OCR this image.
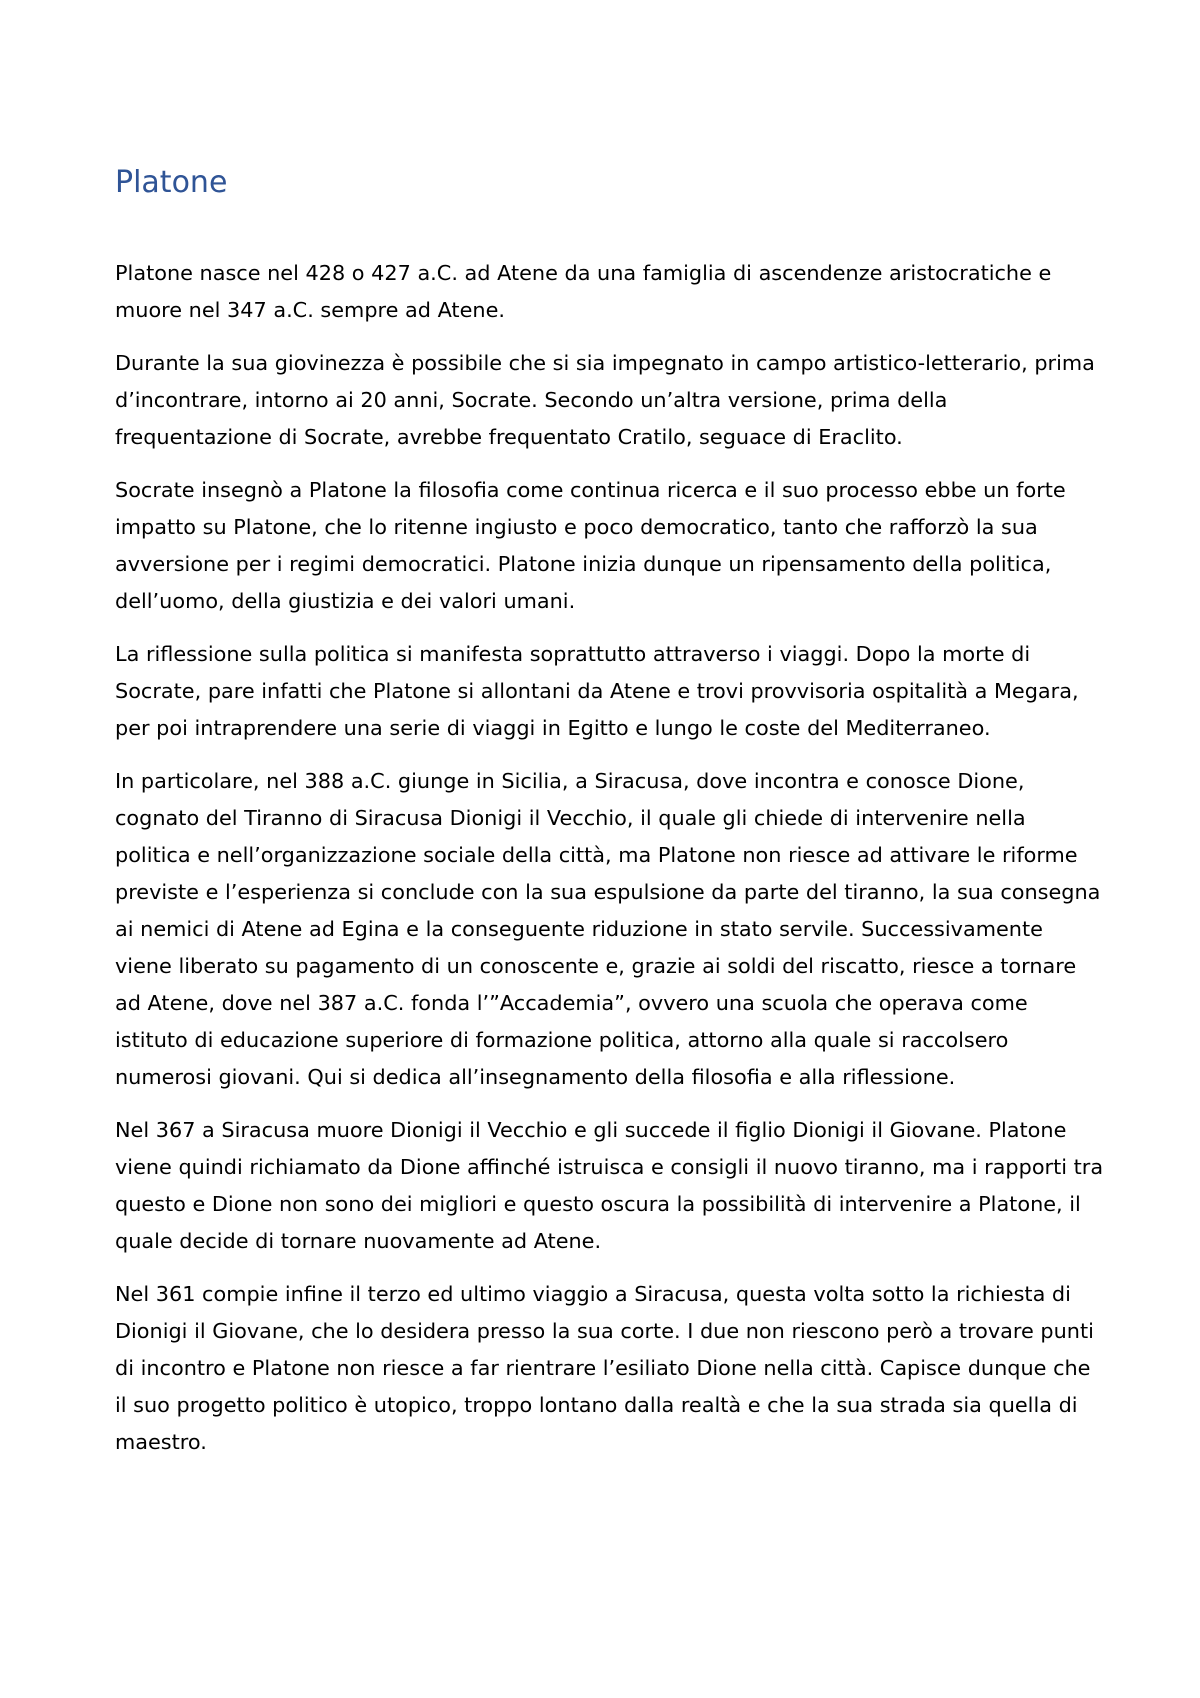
Platone

Platone nasce nel 428 o 427 a.C. ad Atene da una famiglia di ascendenze aristocratiche e muore nel 347 a.C. sempre ad Atene.

Durante la sua giovinezza è possibile che si sia impegnato in campo artistico-letterario, prima d’incontrare, intorno ai 20 anni, Socrate. Secondo un’altra versione, prima della frequentazione di Socrate, avrebbe frequentato Cratilo, seguace di Eraclito.

Socrate insegnò a Platone la filosofia come continua ricerca e il suo processo ebbe un forte impatto su Platone, che lo ritenne ingiusto e poco democratico, tanto che rafforzò la sua avversione per i regimi democratici. Platone inizia dunque un ripensamento della politica, dell’uomo, della giustizia e dei valori umani.

La riflessione sulla politica si manifesta soprattutto attraverso i viaggi. Dopo la morte di Socrate, pare infatti che Platone si allontani da Atene e trovi provvisoria ospitalità a Megara, per poi intraprendere una serie di viaggi in Egitto e lungo le coste del Mediterraneo.

In particolare, nel 388 a.C. giunge in Sicilia, a Siracusa, dove incontra e conosce Dione, cognato del Tiranno di Siracusa Dionigi il Vecchio, il quale gli chiede di intervenire nella politica e nell’organizzazione sociale della città, ma Platone non riesce ad attivare le riforme previste e l’esperienza si conclude con la sua espulsione da parte del tiranno, la sua consegna ai nemici di Atene ad Egina e la conseguente riduzione in stato servile. Successivamente viene liberato su pagamento di un conoscente e, grazie ai soldi del riscatto, riesce a tornare ad Atene, dove nel 387 a.C. fonda l’”Accademia”, ovvero una scuola che operava come istituto di educazione superiore di formazione politica, attorno alla quale si raccolsero numerosi giovani. Qui si dedica all’insegnamento della filosofia e alla riflessione.

Nel 367 a Siracusa muore Dionigi il Vecchio e gli succede il figlio Dionigi il Giovane. Platone viene quindi richiamato da Dione affinché istruisca e consigli il nuovo tiranno, ma i rapporti tra questo e Dione non sono dei migliori e questo oscura la possibilità di intervenire a Platone, il quale decide di tornare nuovamente ad Atene.

Nel 361 compie infine il terzo ed ultimo viaggio a Siracusa, questa volta sotto la richiesta di Dionigi il Giovane, che lo desidera presso la sua corte. I due non riescono però a trovare punti di incontro e Platone non riesce a far rientrare l’esiliato Dione nella città. Capisce dunque che il suo progetto politico è utopico, troppo lontano dalla realtà e che la sua strada sia quella di maestro.
